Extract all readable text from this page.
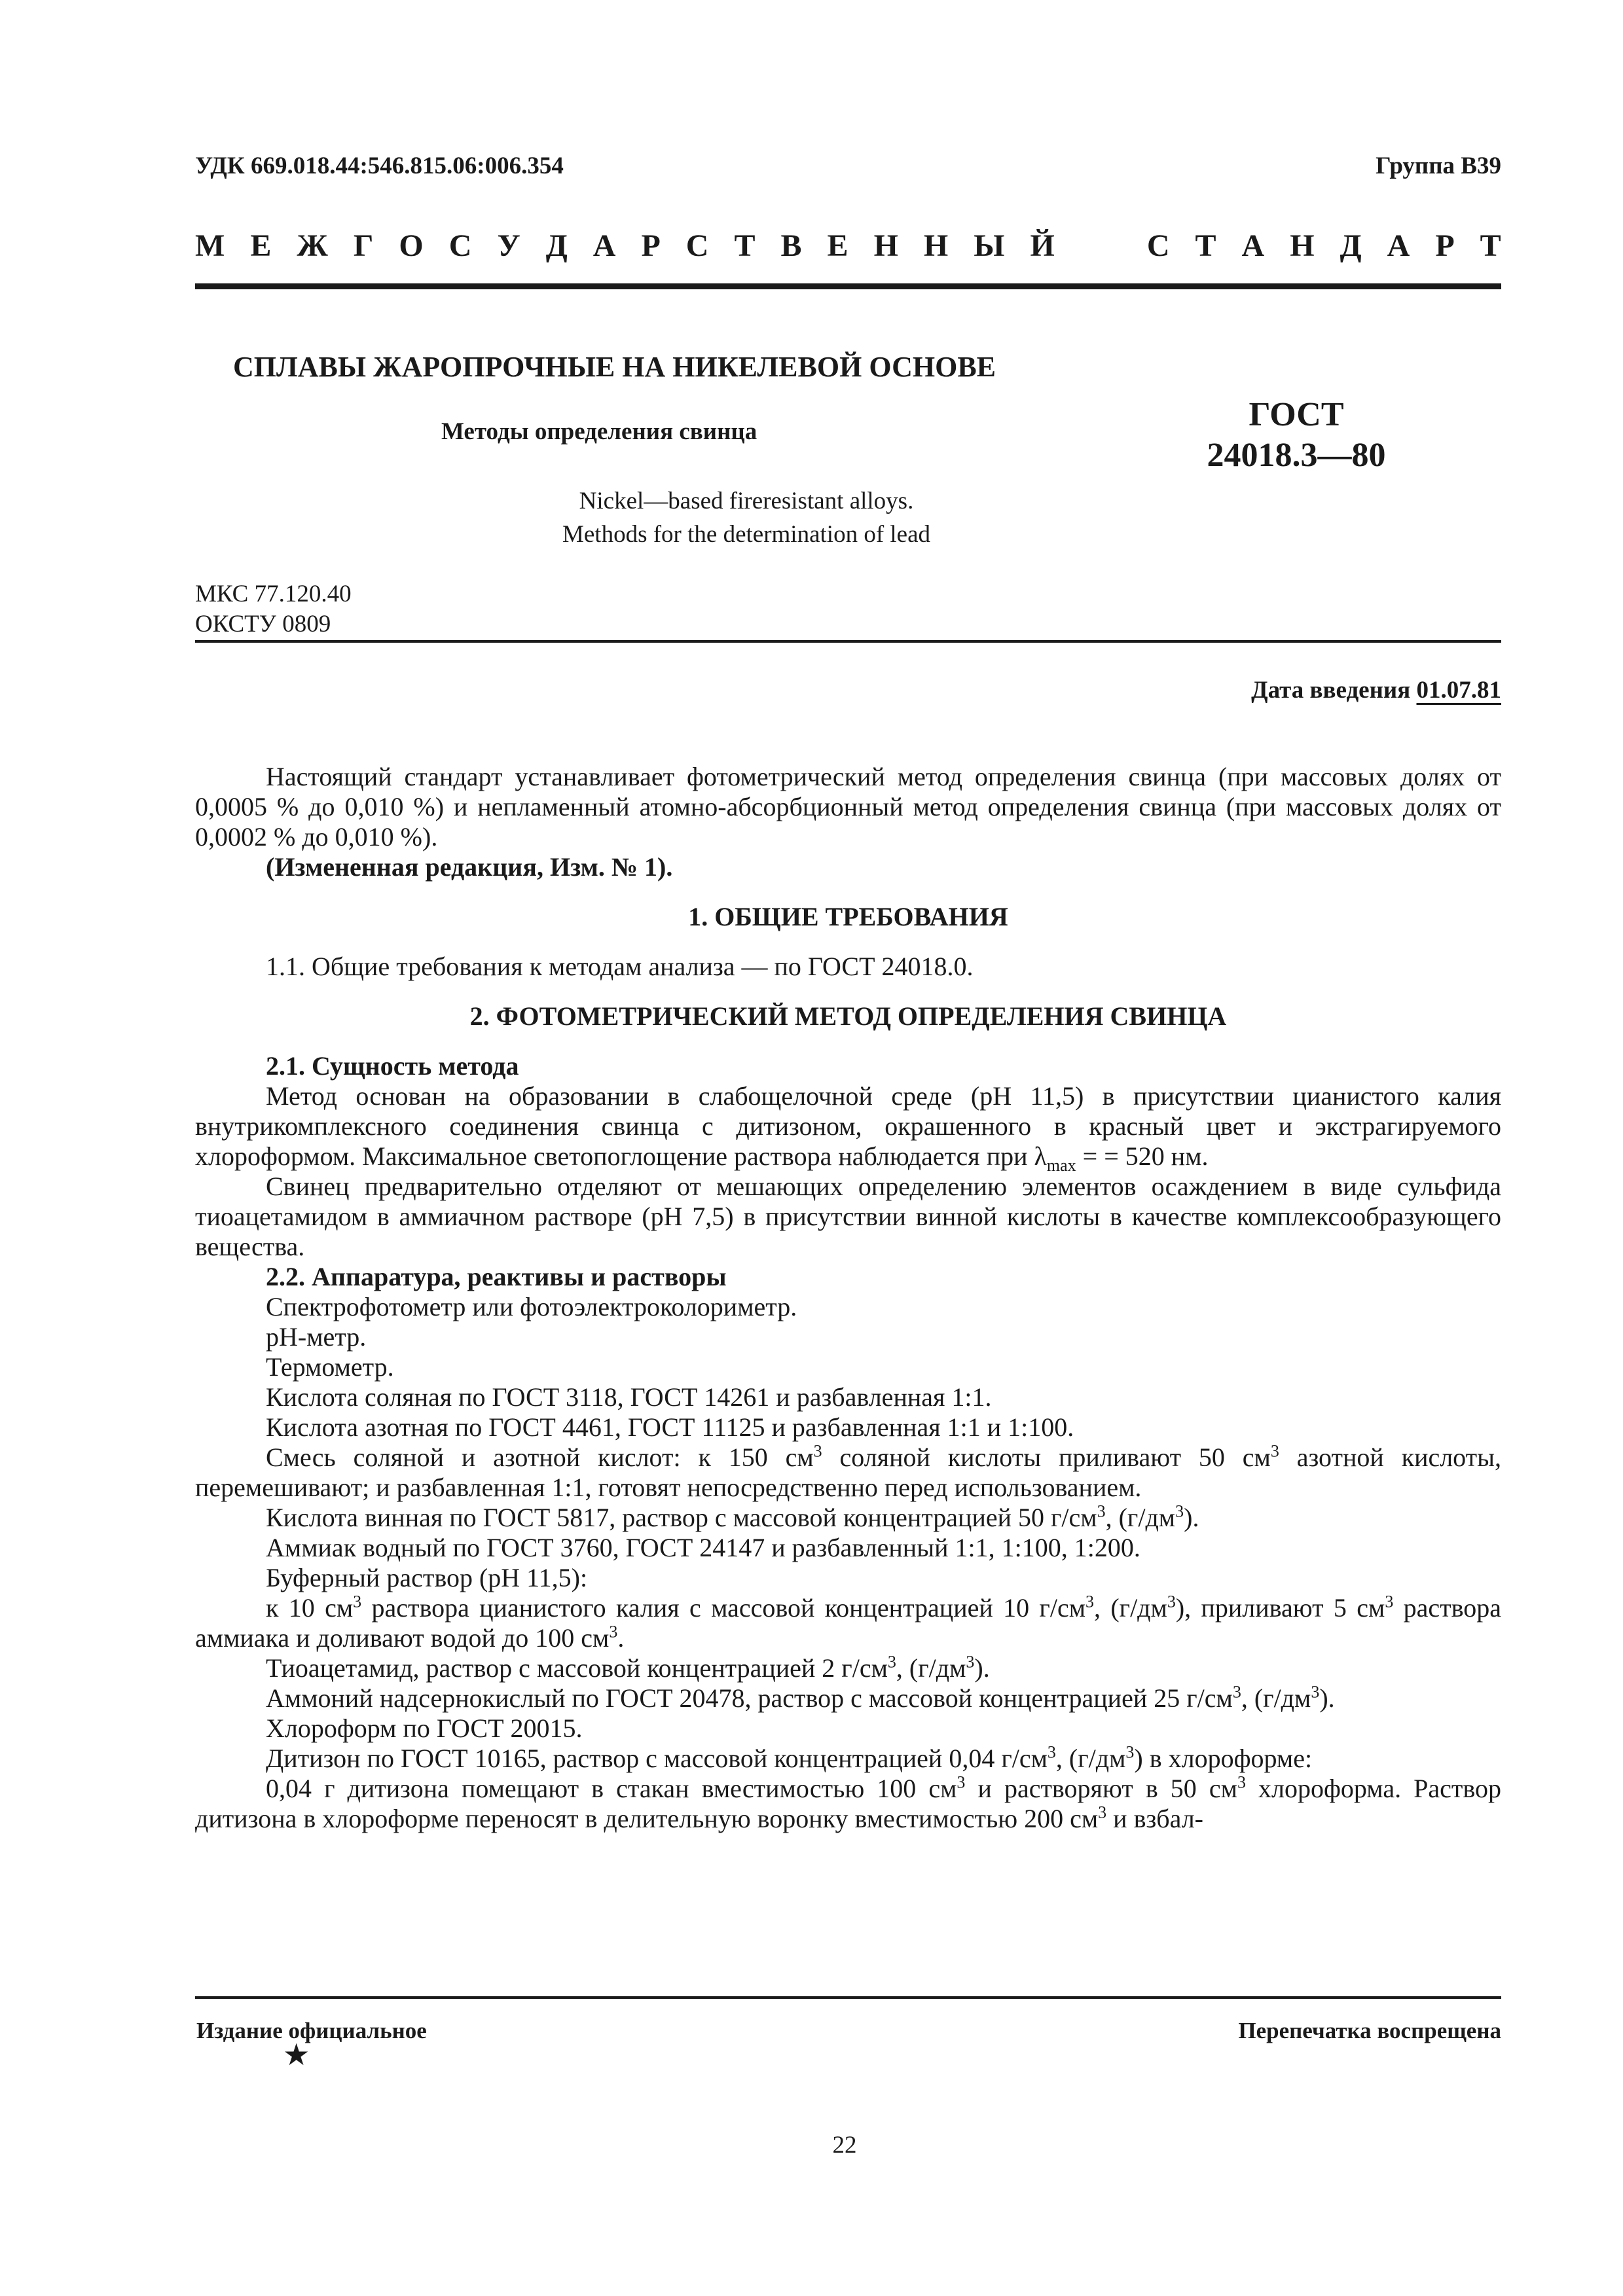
УДК 669.018.44:546.815.06:006.354	Группа В39
М Е Ж Г О С У Д А Р С Т В Е Н Н Ы Й

	С Т А Н Д А Р Т
СПЛАВЫ ЖАРОПРОЧНЫЕ НА НИКЕЛЕВОЙ ОСНОВЕ
Методы определения свинца	ГОСТ
24018.3—80
Nickel—based fireresistant alloys.
Methods for the determination of lead
МКС 77.120.40
ОКСТУ 0809
Дата введения 01.07.81

Настоящий стандарт устанавливает фотометрический метод определения свинца (при массовых долях от 0,0005 % до 0,010 %) и непламенный атомно-абсорбционный метод определения свинца (при массовых долях от 0,0002 % до 0,010 %).

(Измененная редакция, Изм. № 1).

1. ОБЩИЕ ТРЕБОВАНИЯ

1.1. Общие требования к методам анализа — по ГОСТ 24018.0.

2. ФОТОМЕТРИЧЕСКИЙ МЕТОД ОПРЕДЕЛЕНИЯ СВИНЦА

2.1. Сущность метода

Метод основан на образовании в слабощелочной среде (рН 11,5) в присутствии цианистого калия внутрикомплексного соединения свинца с дитизоном, окрашенного в красный цвет и экстрагируемого хлороформом. Максимальное светопоглощение раствора наблюдается при $\lambda_{max}$ = = 520 нм.

Свинец предварительно отделяют от мешающих определению элементов осаждением в виде сульфида тиоацетамидом в аммиачном растворе (рН 7,5) в присутствии винной кислоты в качестве комплексообразующего вещества.

2.2. Аппаратура, реактивы и растворы

Спектрофотометр или фотоэлектроколориметр.

рН-метр.

Термометр.

Кислота соляная по ГОСТ 3118, ГОСТ 14261 и разбавленная 1:1.

Кислота азотная по ГОСТ 4461, ГОСТ 11125 и разбавленная 1:1 и 1:100.

Смесь соляной и азотной кислот: к 150 $см^3$ соляной кислоты приливают 50 $см^3$ азотной кислоты, перемешивают; и разбавленная 1:1, готовят непосредственно перед использованием.

Кислота винная по ГОСТ 5817, раствор с массовой концентрацией 50 $г/см^3$, $(г/дм^3)$.

Аммиак водный по ГОСТ 3760, ГОСТ 24147 и разбавленный 1:1, 1:100, 1:200.

Буферный раствор (рН 11,5):

к 10 $см^3$ раствора цианистого калия с массовой концентрацией 10 $г/см^3$, $(г/дм^3)$, приливают 5 $см^3$ раствора аммиака и доливают водой до 100 $см^3$.

Тиоацетамид, раствор с массовой концентрацией 2 $г/см^3$, $(г/дм^3)$.

Аммоний надсернокислый по ГОСТ 20478, раствор с массовой концентрацией 25 $г/см^3$, $(г/дм^3)$.

Хлороформ по ГОСТ 20015.

Дитизон по ГОСТ 10165, раствор с массовой концентрацией 0,04 $г/см^3$, $(г/дм^3)$ в хлороформе:

0,04 г дитизона помещают в стакан вместимостью 100 $см^3$ и растворяют в 50 $см^3$ хлороформа. Раствор дитизона в хлороформе переносят в делительную воронку вместимостью 200 $см^3$ и взбал-

Издание официальное
★
Перепечатка воспрещена
22
